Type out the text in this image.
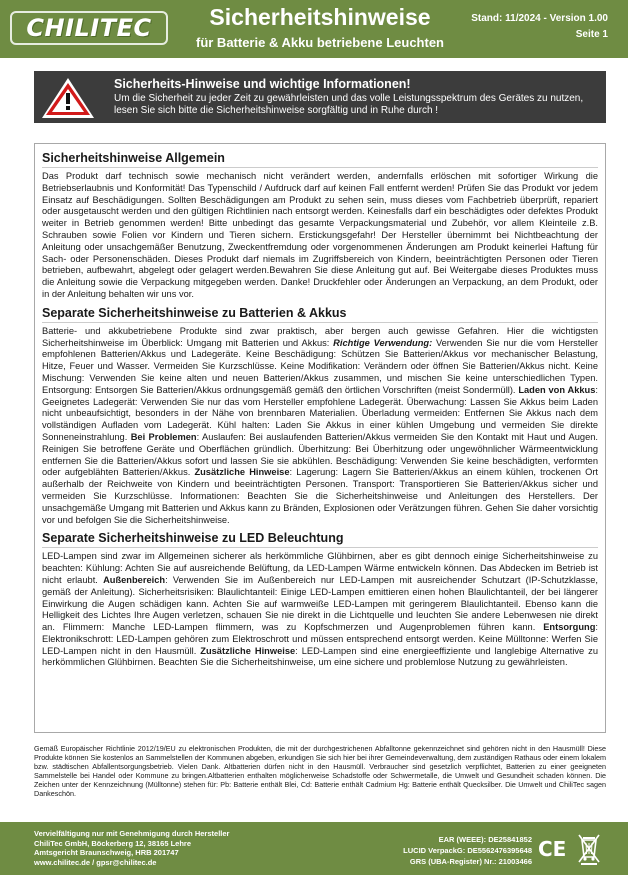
CHILITEC	Sicherheitshinweise
für Batterie & Akku betriebene Leuchten
Stand: 11/2024 - Version 1.00
Seite 1
Sicherheits-Hinweise und wichtige Informationen!
Um die Sicherheit zu jeder Zeit zu gewährleisten und das volle Leistungsspektrum des Gerätes zu nutzen, lesen Sie sich bitte die Sicherheitshinweise sorgfältig und in Ruhe durch !
Sicherheitshinweise Allgemein

Das Produkt darf technisch sowie mechanisch nicht verändert werden, andernfalls erlöschen mit sofortiger Wirkung die Betriebserlaubnis und Konformität! Das Typenschild / Aufdruck darf auf keinen Fall entfernt werden! Prüfen Sie das Produkt vor jedem Einsatz auf Beschädigungen. Sollten Beschädigungen am Produkt zu sehen sein, muss dieses vom Fachbetrieb überprüft, repariert oder ausgetauscht werden und den gültigen Richtlinien nach entsorgt werden. Keinesfalls darf ein beschädigtes oder defektes Produkt weiter in Betrieb genommen werden! Bitte unbedingt das gesamte Verpackungsmaterial und Zubehör, vor allem Kleinteile z.B. Schrauben sowie Folien vor Kindern und Tieren sichern. Erstickungsgefahr! Der Hersteller übernimmt bei Nichtbeachtung der Anleitung oder unsachgemäßer Benutzung, Zweckentfremdung oder vorgenommenen Änderungen am Produkt keinerlei Haftung für Sach- oder Personenschäden. Dieses Produkt darf niemals im Zugriffsbereich von Kindern, beeinträchtigten Personen oder Tieren betrieben, aufbewahrt, abgelegt oder gelagert werden.Bewahren Sie diese Anleitung gut auf. Bei Weitergabe dieses Produktes muss die Anleitung sowie die Verpackung mitgegeben werden. Danke! Druckfehler oder Änderungen an Verpackung, an dem Produkt, oder in der Anleitung behalten wir uns vor.

Separate Sicherheitshinweise zu Batterien & Akkus

Batterie- und akkubetriebene Produkte sind zwar praktisch, aber bergen auch gewisse Gefahren. Hier die wichtigsten Sicherheitshinweise im Überblick: Umgang mit Batterien und Akkus: Richtige Verwendung: Verwenden Sie nur die vom Hersteller empfohlenen Batterien/Akkus und Ladegeräte. Keine Beschädigung: Schützen Sie Batterien/Akkus vor mechanischer Belastung, Hitze, Feuer und Wasser. Vermeiden Sie Kurzschlüsse. Keine Modifikation: Verändern oder öffnen Sie Batterien/Akkus nicht. Keine Mischung: Verwenden Sie keine alten und neuen Batterien/Akkus zusammen, und mischen Sie keine unterschiedlichen Typen. Entsorgung: Entsorgen Sie Batterien/Akkus ordnungsgemäß gemäß den örtlichen Vorschriften (meist Sondermüll). Laden von Akkus: Geeignetes Ladegerät: Verwenden Sie nur das vom Hersteller empfohlene Ladegerät. Überwachung: Lassen Sie Akkus beim Laden nicht unbeaufsichtigt, besonders in der Nähe von brennbaren Materialien. Überladung vermeiden: Entfernen Sie Akkus nach dem vollständigen Aufladen vom Ladegerät. Kühl halten: Laden Sie Akkus in einer kühlen Umgebung und vermeiden Sie direkte Sonneneinstrahlung. Bei Problemen: Auslaufen: Bei auslaufenden Batterien/Akkus vermeiden Sie den Kontakt mit Haut und Augen. Reinigen Sie betroffene Geräte und Oberflächen gründlich. Überhitzung: Bei Überhitzung oder ungewöhnlicher Wärmeentwicklung entfernen Sie die Batterien/Akkus sofort und lassen Sie sie abkühlen. Beschädigung: Verwenden Sie keine beschädigten, verformten oder aufgeblähten Batterien/Akkus. Zusätzliche Hinweise: Lagerung: Lagern Sie Batterien/Akkus an einem kühlen, trockenen Ort außerhalb der Reichweite von Kindern und beeinträchtigten Personen. Transport: Transportieren Sie Batterien/Akkus sicher und vermeiden Sie Kurzschlüsse. Informationen: Beachten Sie die Sicherheitshinweise und Anleitungen des Herstellers. Der unsachgemäße Umgang mit Batterien und Akkus kann zu Bränden, Explosionen oder Verätzungen führen. Gehen Sie daher vorsichtig vor und befolgen Sie die Sicherheitshinweise.

Separate Sicherheitshinweise zu LED Beleuchtung

LED-Lampen sind zwar im Allgemeinen sicherer als herkömmliche Glühbirnen, aber es gibt dennoch einige Sicherheitshinweise zu beachten: Kühlung: Achten Sie auf ausreichende Belüftung, da LED-Lampen Wärme entwickeln können. Das Abdecken im Betrieb ist nicht erlaubt. Außenbereich: Verwenden Sie im Außenbereich nur LED-Lampen mit ausreichender Schutzart (IP-Schutzklasse, gemäß der Anleitung). Sicherheitsrisiken: Blaulichtanteil: Einige LED-Lampen emittieren einen hohen Blaulichtanteil, der bei längerer Einwirkung die Augen schädigen kann. Achten Sie auf warmweiße LED-Lampen mit geringerem Blaulichtanteil. Ebenso kann die Helligkeit des Lichtes Ihre Augen verletzen, schauen Sie nie direkt in die Lichtquelle und leuchten Sie andere Lebenwesen nie direkt an. Flimmern: Manche LED-Lampen flimmern, was zu Kopfschmerzen und Augenproblemen führen kann. Entsorgung: Elektronikschrott: LED-Lampen gehören zum Elektroschrott und müssen entsprechend entsorgt werden. Keine Mülltonne: Werfen Sie LED-Lampen nicht in den Hausmüll. Zusätzliche Hinweise: LED-Lampen sind eine energieeffiziente und langlebige Alternative zu herkömmlichen Glühbirnen. Beachten Sie die Sicherheitshinweise, um eine sichere und problemlose Nutzung zu gewährleisten.

Gemäß Europäischer Richtlinie 2012/19/EU zu elektronischen Produkten, die mit der durchgestrichenen Abfalltonne gekennzeichnet sind gehören nicht in den Hausmüll! Diese Produkte können Sie kostenlos an Sammelstellen der Kommunen abgeben, erkundigen Sie sich hier bei ihrer Gemeindeverwaltung, dem zuständigen Rathaus oder einem lokalem bzw. städtischen Abfallentsorgungsbetrieb. Vielen Dank. Altbatterien dürfen nicht in den Hausmüll. Verbraucher sind gesetzlich verpflichtet, Batterien zu einer geeigneten Sammelstelle bei Handel oder Kommune zu bringen.Altbatterien enthalten möglicherweise Schadstoffe oder Schwermetalle, die Umwelt und Gesundheit schaden können. Die Zeichen unter der Kennzeichnung (Mülltonne) stehen für: Pb: Batterie enthält Blei, Cd: Batterie enthält Cadmium Hg: Batterie enthält Quecksilber. Die Umwelt und ChiliTec sagen Dankeschön.
Vervielfältigung nur mit Genehmigung durch Hersteller
ChiliTec GmbH, Böckerberg 12, 38165 Lehre
Amtsgericht Braunschweig, HRB 201747
www.chilitec.de / gpsr@chilitec.de
EAR (WEEE): DE25841852
LUCID VerpackG: DE5562476395648
GRS (UBA-Register) Nr.: 21003466
CE
